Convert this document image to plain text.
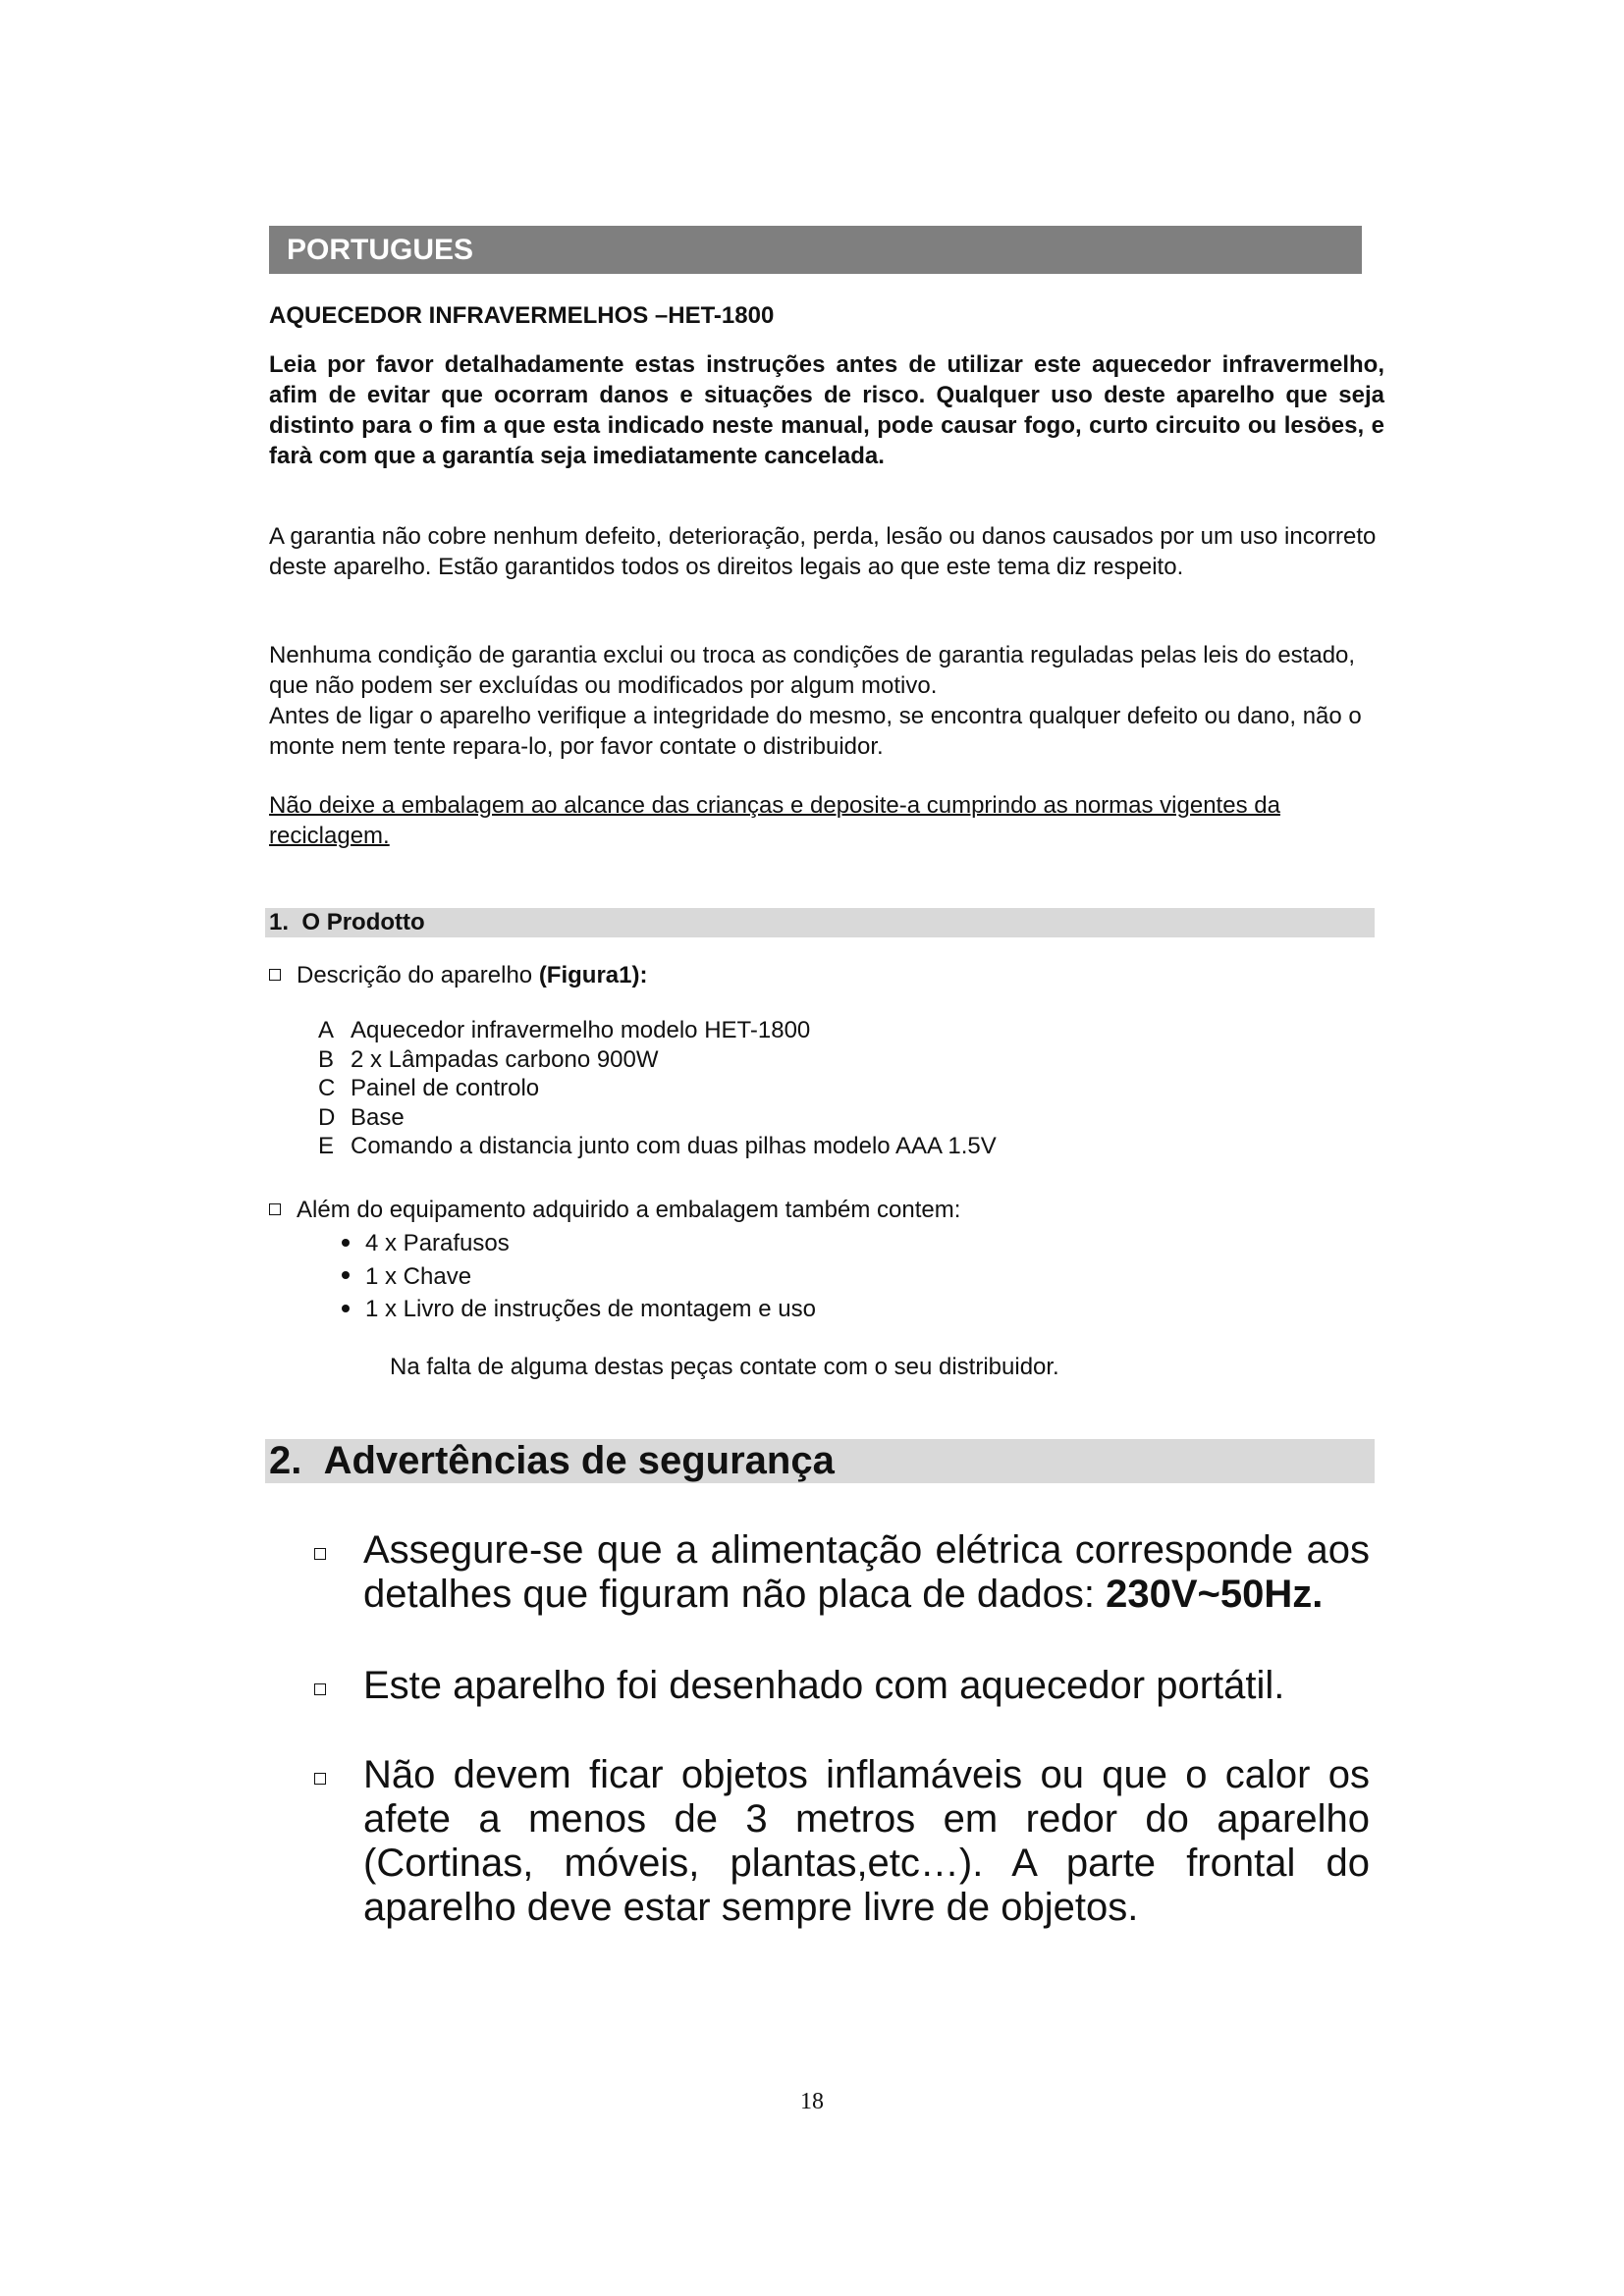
PORTUGUES

AQUECEDOR INFRAVERMELHOS –HET-1800

Leia por favor detalhadamente estas instruções antes de utilizar este aquecedor infravermelho, afim de evitar que ocorram danos e situações de risco. Qualquer uso deste aparelho que seja distinto para o fim a que esta indicado neste manual, pode causar fogo, curto circuito ou lesöes, e farà com que a garantía seja imediatamente cancelada.

A garantia não cobre nenhum defeito, deterioração, perda, lesão ou danos causados por um uso incorreto deste aparelho. Estão garantidos todos os direitos legais ao que este tema diz respeito.

Nenhuma condição de garantia exclui ou troca as condições de garantia reguladas pelas leis do estado, que não podem ser excluídas ou modificados por algum motivo.

Antes de ligar o aparelho verifique a integridade do mesmo, se encontra qualquer defeito ou dano, não o monte nem tente repara-lo, por favor contate o distribuidor.

Não deixe a embalagem ao alcance das crianças e deposite-a cumprindo as normas vigentes da reciclagem.

1.  O Prodotto
Descrição do aparelho (Figura1):
A Aquecedor infravermelho modelo HET-1800
B 2 x Lâmpadas carbono 900W
C Painel de controlo
D Base
E Comando a distancia junto com duas pilhas modelo AAA 1.5V
Além do equipamento adquirido a embalagem também contem:
4 x Parafusos
1 x Chave
1 x Livro de instruções de montagem e uso
Na falta de alguma destas peças contate com o seu distribuidor.
2.  Advertências de segurança
Assegure-se que a alimentação elétrica corresponde aos detalhes que figuram não placa de dados: 230V~50Hz.
Este aparelho foi desenhado com aquecedor portátil.
Não devem ficar objetos inflamáveis ou que o calor os afete a menos de 3 metros em redor do aparelho (Cortinas, móveis, plantas,etc…). A parte frontal do aparelho deve estar sempre livre de objetos.
18
